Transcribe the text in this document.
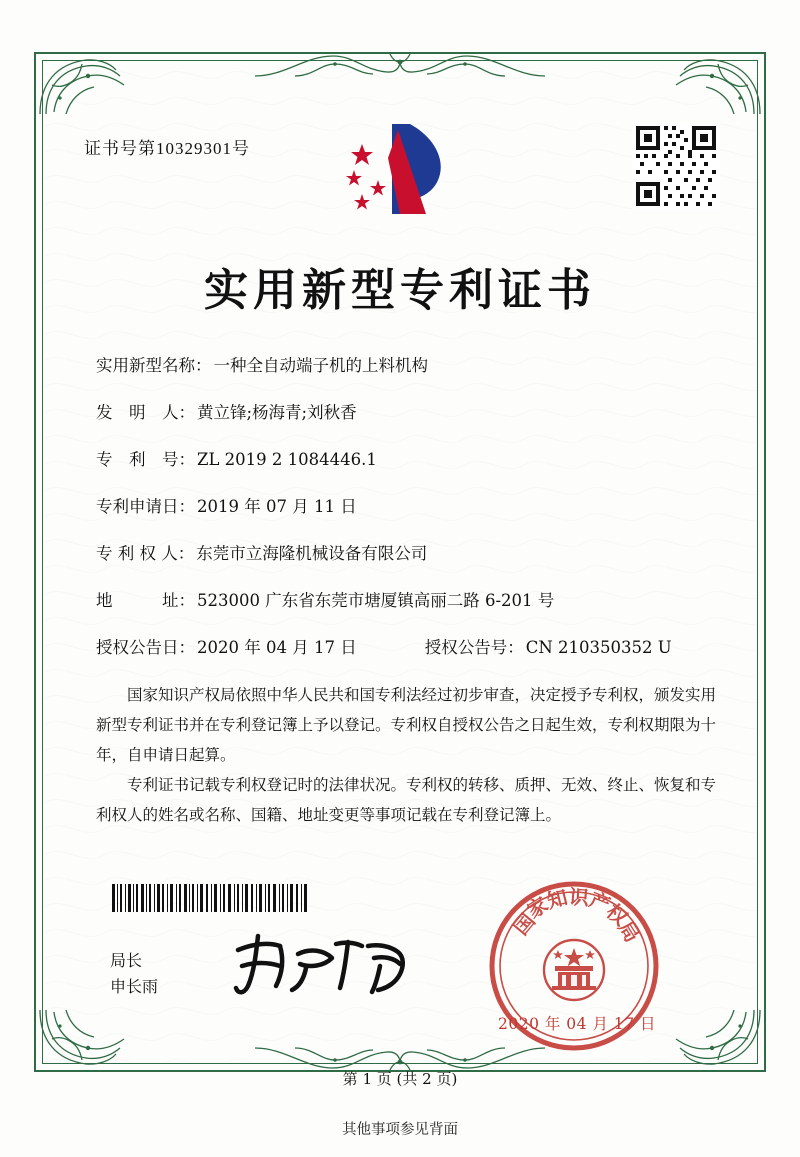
证书号第10329301号
实用新型专利证书
实用新型名称： 一种全自动端子机的上料机构
发　明　人： 黄立锋;杨海青;刘秋香
专　利　号： ZL 2019 2 1084446.1
专利申请日： 2019 年 07 月 11 日
专 利 权 人： 东莞市立海隆机械设备有限公司
地　　　址： 523000 广东省东莞市塘厦镇高丽二路 6-201 号
授权公告日： 2020 年 04 月 17 日	授权公告号： CN 210350352 U

国家知识产权局依照中华人民共和国专利法经过初步审查，决定授予专利权，颁发实用新型专利证书并在专利登记簿上予以登记。专利权自授权公告之日起生效，专利权期限为十年，自申请日起算。

专利证书记载专利权登记时的法律状况。专利权的转移、质押、无效、终止、恢复和专利权人的姓名或名称、国籍、地址变更等事项记载在专利登记簿上。

局长
申长雨
国
家
知
识
产
权
局
2020 年 04 月 17 日
第 1 页 (共 2 页)
其他事项参见背面
